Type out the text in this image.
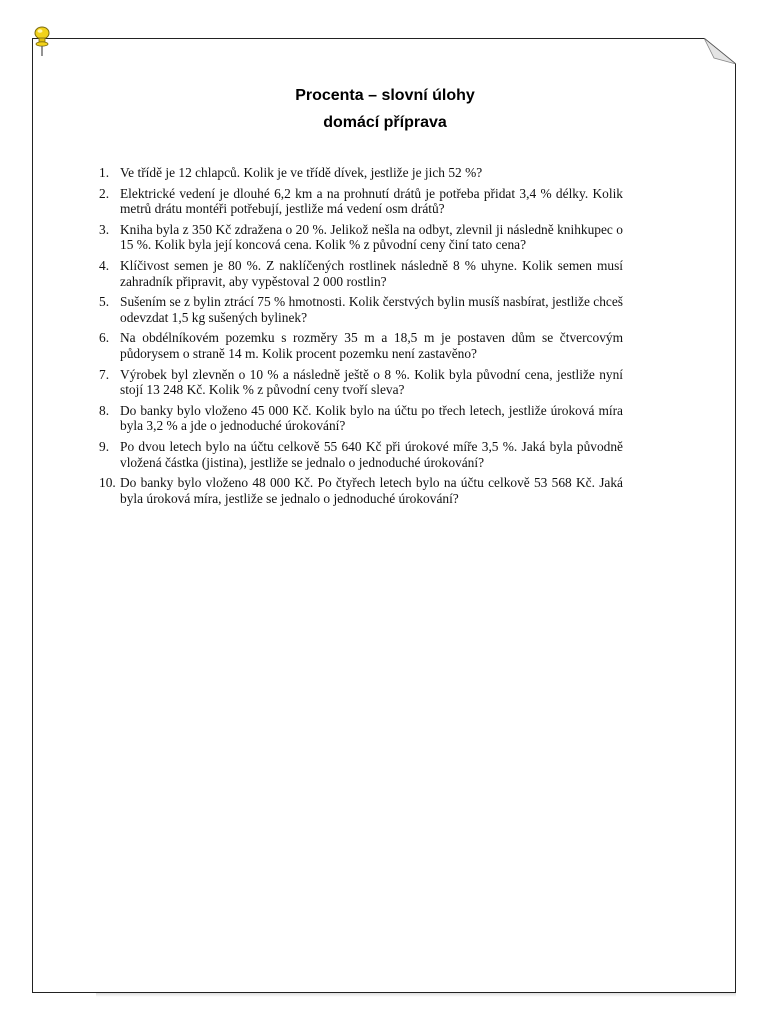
Procenta – slovní úlohy
domácí příprava
1. Ve třídě je 12 chlapců. Kolik je ve třídě dívek, jestliže je jich 52 %?
2. Elektrické vedení je dlouhé 6,2 km a na prohnutí drátů je potřeba přidat 3,4 % délky. Kolik metrů drátu montéři potřebují, jestliže má vedení osm drátů?
3. Kniha byla z 350 Kč zdražena o 20 %. Jelikož nešla na odbyt, zlevnil ji následně knihkupec o 15 %. Kolik byla její koncová cena. Kolik % z původní ceny činí tato cena?
4. Klíčivost semen je 80 %. Z naklíčených rostlinek následně 8 % uhyne. Kolik semen musí zahradník připravit, aby vypěstoval 2 000 rostlin?
5. Sušením se z bylin ztrácí 75 % hmotnosti. Kolik čerstvých bylin musíš nasbírat, jestliže chceš odevzdat 1,5 kg sušených bylinek?
6. Na obdélníkovém pozemku s rozměry 35 m a 18,5 m je postaven dům se čtvercovým půdorysem o straně 14 m. Kolik procent pozemku není zastavěno?
7. Výrobek byl zlevněn o 10 % a následně ještě o 8 %. Kolik byla původní cena, jestliže nyní stojí 13 248 Kč. Kolik % z původní ceny tvoří sleva?
8. Do banky bylo vloženo 45 000 Kč. Kolik bylo na účtu po třech letech, jestliže úroková míra byla 3,2 % a jde o jednoduché úrokování?
9. Po dvou letech bylo na účtu celkově 55 640 Kč při úrokové míře 3,5 %. Jaká byla původně vložená částka (jistina), jestliže se jednalo o jednoduché úrokování?
10. Do banky bylo vloženo 48 000 Kč. Po čtyřech letech bylo na účtu celkově 53 568 Kč. Jaká byla úroková míra, jestliže se jednalo o jednoduché úrokování?
